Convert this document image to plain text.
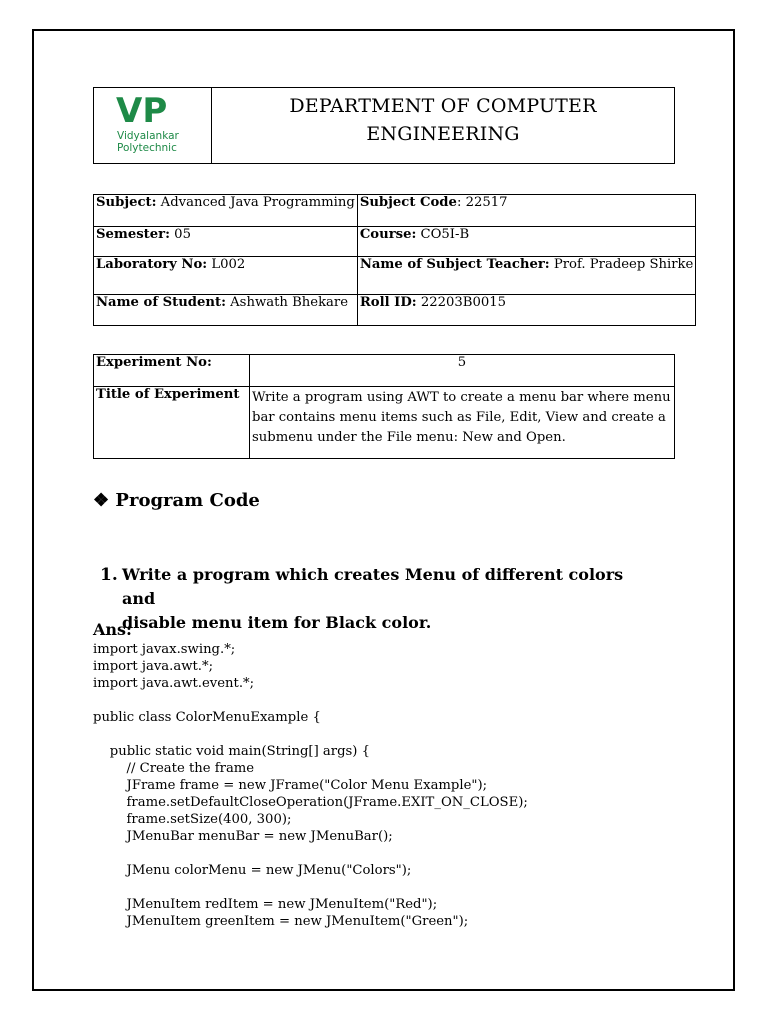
VP
Vidyalankar
Polytechnic
DEPARTMENT OF COMPUTER
ENGINEERING
Subject: Advanced Java Programming	Subject Code: 22517
Semester: 05	Course: CO5I-B
Laboratory No: L002	Name of Subject Teacher: Prof. Pradeep Shirke
Name of Student: Ashwath Bhekare	Roll ID: 22203B0015
Experiment No:	5
Title of Experiment	Write a program using AWT to create a menu bar where menu
bar contains menu items such as File, Edit, View and create a
submenu under the File menu: New and Open.
❖ Program Code
1. Write a program which creates Menu of different colors and
disable menu item for Black color.
Ans:
import javax.swing.*;
import java.awt.*;
import java.awt.event.*;
public class ColorMenuExample {
public static void main(String[] args) {
// Create the frame
JFrame frame = new JFrame("Color Menu Example");
frame.setDefaultCloseOperation(JFrame.EXIT_ON_CLOSE);
frame.setSize(400, 300);
JMenuBar menuBar = new JMenuBar();
JMenu colorMenu = new JMenu("Colors");
JMenuItem redItem = new JMenuItem("Red");
JMenuItem greenItem = new JMenuItem("Green");
